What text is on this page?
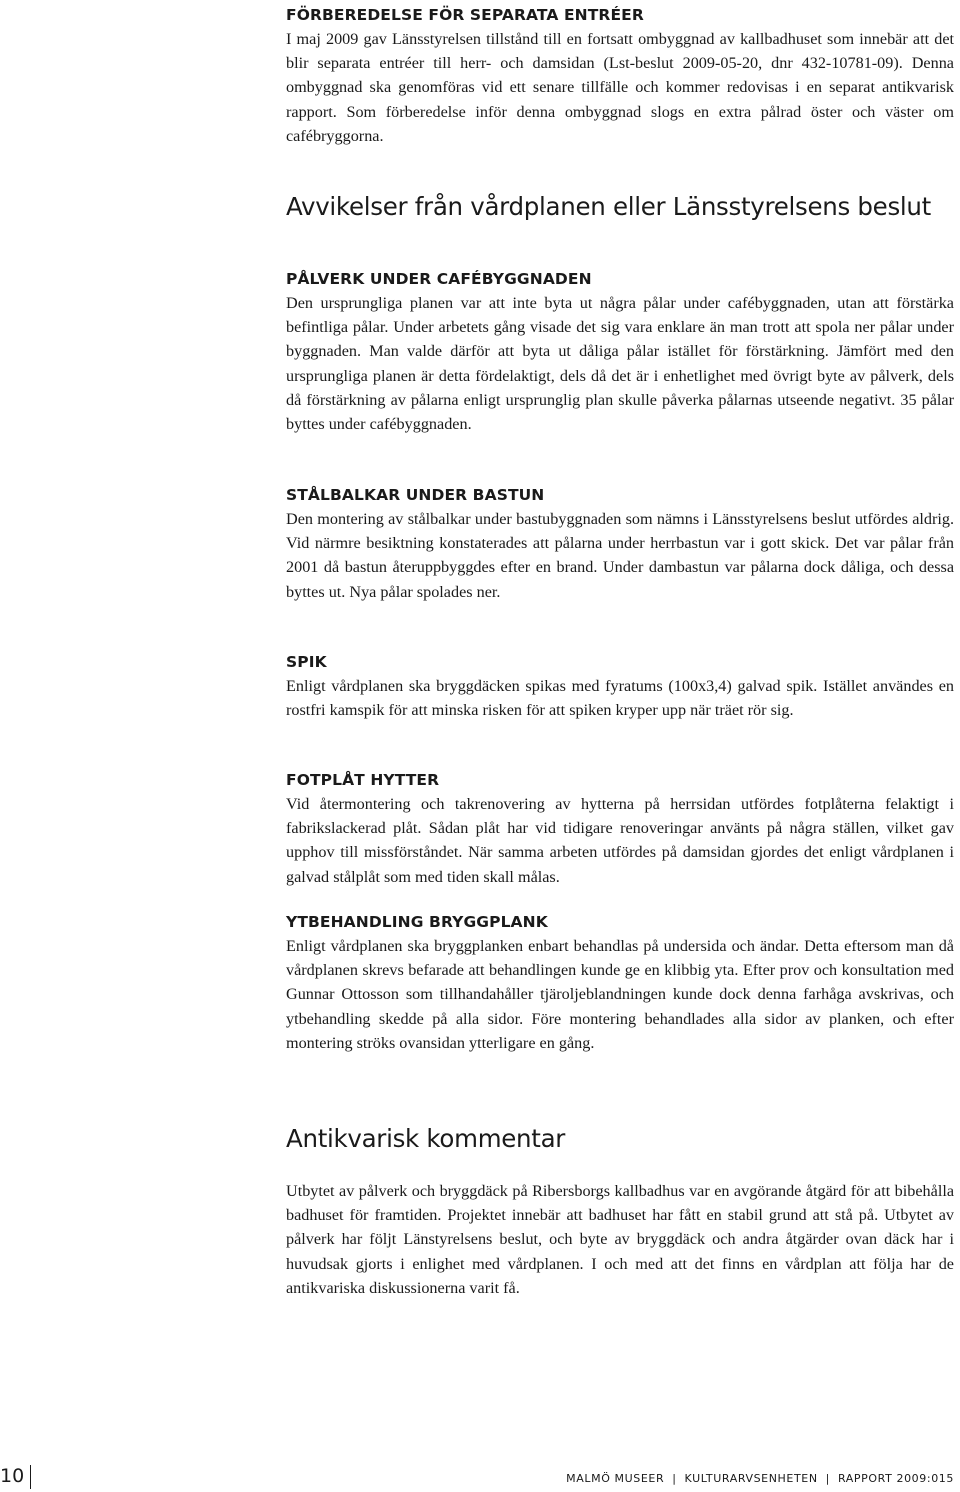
FÖRBEREDELSE FÖR SEPARATA ENTRÉER

I maj 2009 gav Länsstyrelsen tillstånd till en fortsatt ombyggnad av kallbadhuset som innebär att det blir separata entréer till herr- och damsidan (Lst-beslut 2009-05-20, dnr 432-10781-09). Denna ombyggnad ska genomföras vid ett senare tillfälle och kommer redovisas i en separat antikvarisk rapport. Som förberedelse inför denna ombyggnad slogs en extra pålrad öster och väster om cafébryggorna.

Avvikelser från vårdplanen eller Länsstyrelsens beslut
PÅLVERK UNDER CAFÉBYGGNADEN

Den ursprungliga planen var att inte byta ut några pålar under cafébyggnaden, utan att förstärka befintliga pålar. Under arbetets gång visade det sig vara enklare än man trott att spola ner pålar under byggnaden. Man valde därför att byta ut dåliga pålar istället för förstärkning. Jämfört med den ursprungliga planen är detta fördelaktigt, dels då det är i enhetlighet med övrigt byte av pålverk, dels då förstärkning av pålarna enligt ursprunglig plan skulle påverka pålarnas utseende negativt. 35 pålar byttes under cafébyggnaden.

STÅLBALKAR UNDER BASTUN

Den montering av stålbalkar under bastubyggnaden som nämns i Länsstyrelsens beslut utfördes aldrig. Vid närmre besiktning konstaterades att pålarna under herrbastun var i gott skick. Det var pålar från 2001 då bastun återuppbyggdes efter en brand. Under dambastun var pålarna dock dåliga, och dessa byttes ut. Nya pålar spolades ner.

SPIK

Enligt vårdplanen ska bryggdäcken spikas med fyratums (100x3,4) galvad spik. Istället användes en rostfri kamspik för att minska risken för att spiken kryper upp när träet rör sig.

FOTPLÅT HYTTER

Vid återmontering och takrenovering av hytterna på herrsidan utfördes fotplåterna felaktigt i fabrikslackerad plåt. Sådan plåt har vid tidigare renoveringar använts på några ställen, vilket gav upphov till missförståndet. När samma arbeten utfördes på damsidan gjordes det enligt vårdplanen i galvad stålplåt som med tiden skall målas.

YTBEHANDLING BRYGGPLANK

Enligt vårdplanen ska bryggplanken enbart behandlas på undersida och ändar. Detta eftersom man då vårdplanen skrevs befarade att behandlingen kunde ge en klibbig yta. Efter prov och konsultation med Gunnar Ottosson som tillhandahåller tjäroljeblandningen kunde dock denna farhåga avskrivas, och ytbehandling skedde på alla sidor. Före montering behandlades alla sidor av planken, och efter montering ströks ovansidan ytterligare en gång.

Antikvarisk kommentar

Utbytet av pålverk och bryggdäck på Ribersborgs kallbadhus var en avgörande åtgärd för att bibehålla badhuset för framtiden. Projektet innebär att badhuset har fått en stabil grund att stå på. Utbytet av pålverk har följt Länstyrelsens beslut, och byte av bryggdäck och andra åtgärder ovan däck har i huvudsak gjorts i enlighet med vårdplanen. I och med att det finns en vårdplan att följa har de antikvariska diskussionerna varit få.

10	MALMÖ MUSEER | KULTURARVSENHETEN | RAPPORT 2009:015
